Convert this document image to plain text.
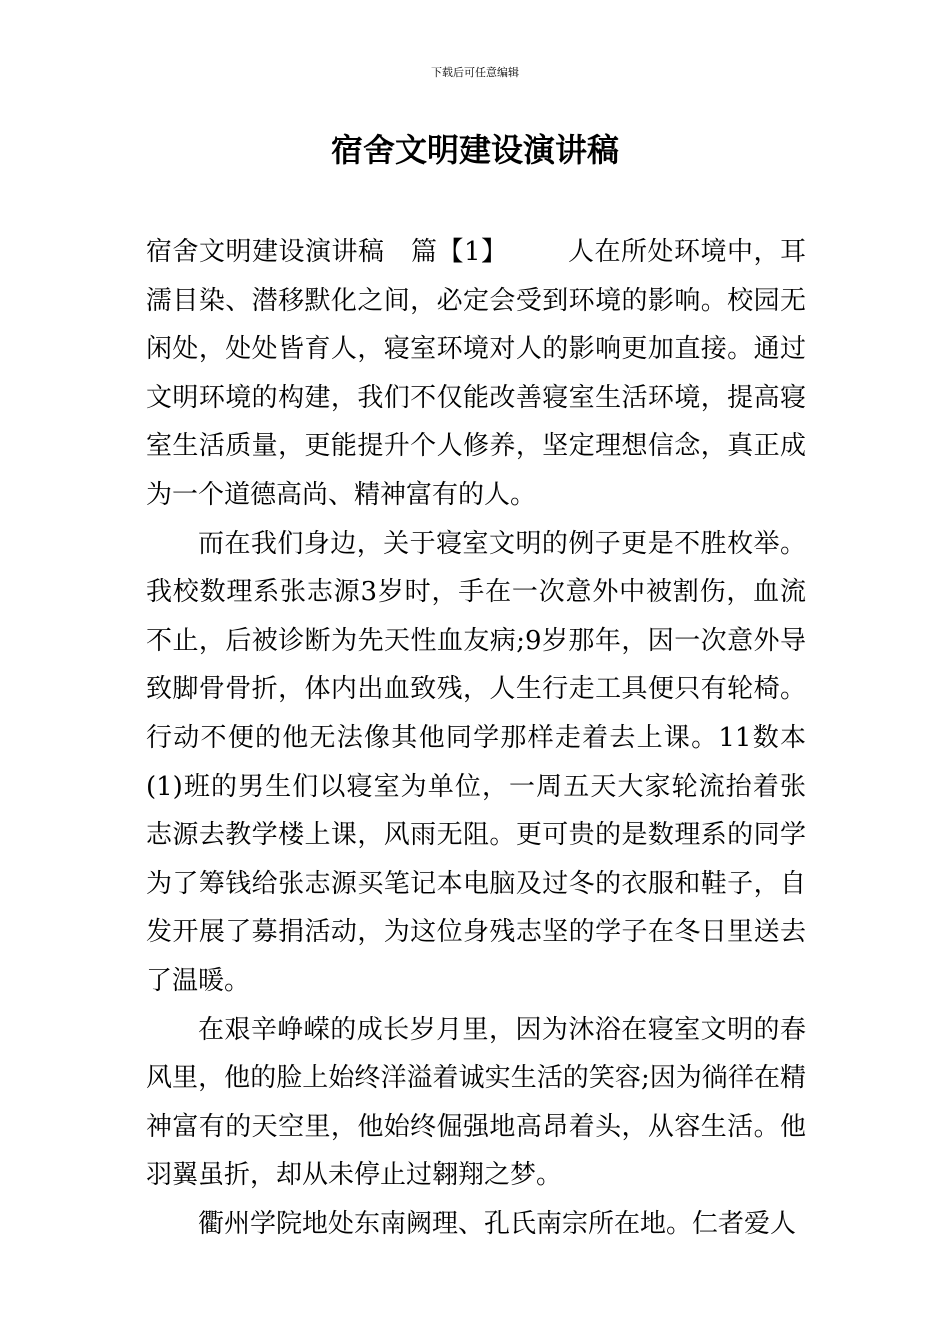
下载后可任意编辑
宿舍文明建设演讲稿

宿舍文明建设演讲稿　篇【1】 人在所处环境中，耳濡目染、潜移默化之间，必定会受到环境的影响。校园无闲处，处处皆育人，寝室环境对人的影响更加直接。通过文明环境的构建，我们不仅能改善寝室生活环境，提高寝室生活质量，更能提升个人修养，坚定理想信念，真正成为一个道德高尚、精神富有的人。

而在我们身边，关于寝室文明的例子更是不胜枚举。我校数理系张志源3岁时，手在一次意外中被割伤，血流不止，后被诊断为先天性血友病;9岁那年，因一次意外导致脚骨骨折，体内出血致残，人生行走工具便只有轮椅。行动不便的他无法像其他同学那样走着去上课。11数本(1)班的男生们以寝室为单位，一周五天大家轮流抬着张志源去教学楼上课，风雨无阻。更可贵的是数理系的同学为了筹钱给张志源买笔记本电脑及过冬的衣服和鞋子，自发开展了募捐活动，为这位身残志坚的学子在冬日里送去了温暖。

在艰辛峥嵘的成长岁月里，因为沐浴在寝室文明的春风里，他的脸上始终洋溢着诚实生活的笑容;因为徜徉在精神富有的天空里，他始终倔强地高昂着头，从容生活。他羽翼虽折，却从未停止过翱翔之梦。

衢州学院地处东南阙理、孔氏南宗所在地。仁者爱人
